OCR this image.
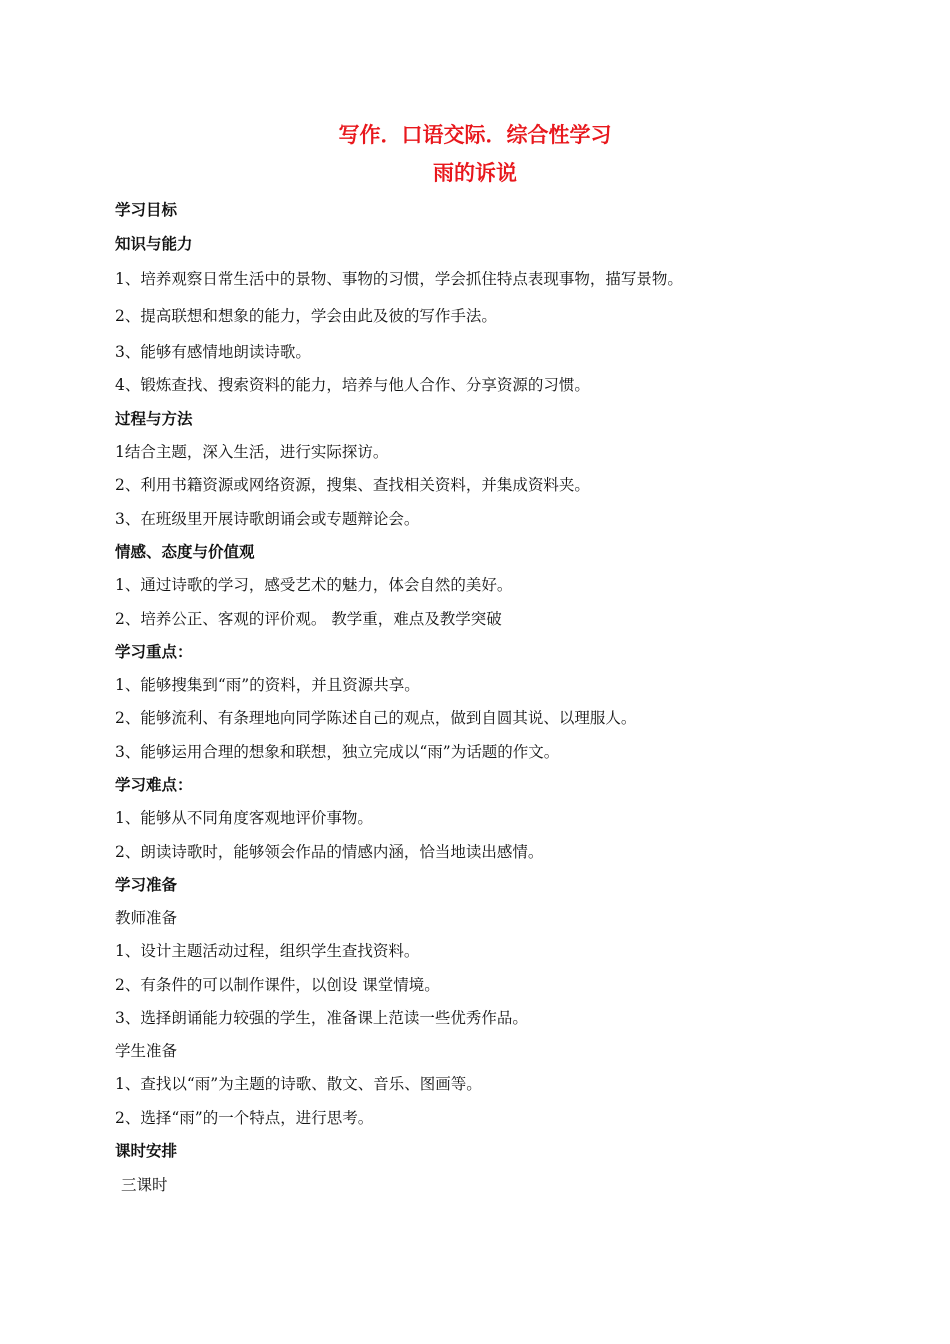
写作．口语交际．综合性学习
雨的诉说
学习目标
知识与能力
1、培养观察日常生活中的景物、事物的习惯，学会抓住特点表现事物，描写景物。
2、提高联想和想象的能力，学会由此及彼的写作手法。
3、能够有感情地朗读诗歌。
4、锻炼查找、搜索资料的能力，培养与他人合作、分享资源的习惯。
过程与方法
1结合主题，深入生活，进行实际探访。
2、利用书籍资源或网络资源，搜集、查找相关资料，并集成资料夹。
3、在班级里开展诗歌朗诵会或专题辩论会。
情感、态度与价值观
1、通过诗歌的学习，感受艺术的魅力，体会自然的美好。
2、培养公正、客观的评价观。 教学重，难点及教学突破
学习重点：
1、能够搜集到“雨”的资料，并且资源共享。
2、能够流利、有条理地向同学陈述自己的观点，做到自圆其说、以理服人。
3、能够运用合理的想象和联想，独立完成以“雨”为话题的作文。
学习难点：
1、能够从不同角度客观地评价事物。
2、朗读诗歌时，能够领会作品的情感内涵，恰当地读出感情。
学习准备
教师准备
1、设计主题活动过程，组织学生查找资料。
2、有条件的可以制作课件，以创设 课堂情境。
3、选择朗诵能力较强的学生，准备课上范读一些优秀作品。
学生准备
1、查找以“雨”为主题的诗歌、散文、音乐、图画等。
2、选择“雨”的一个特点，进行思考。
课时安排
三课时
